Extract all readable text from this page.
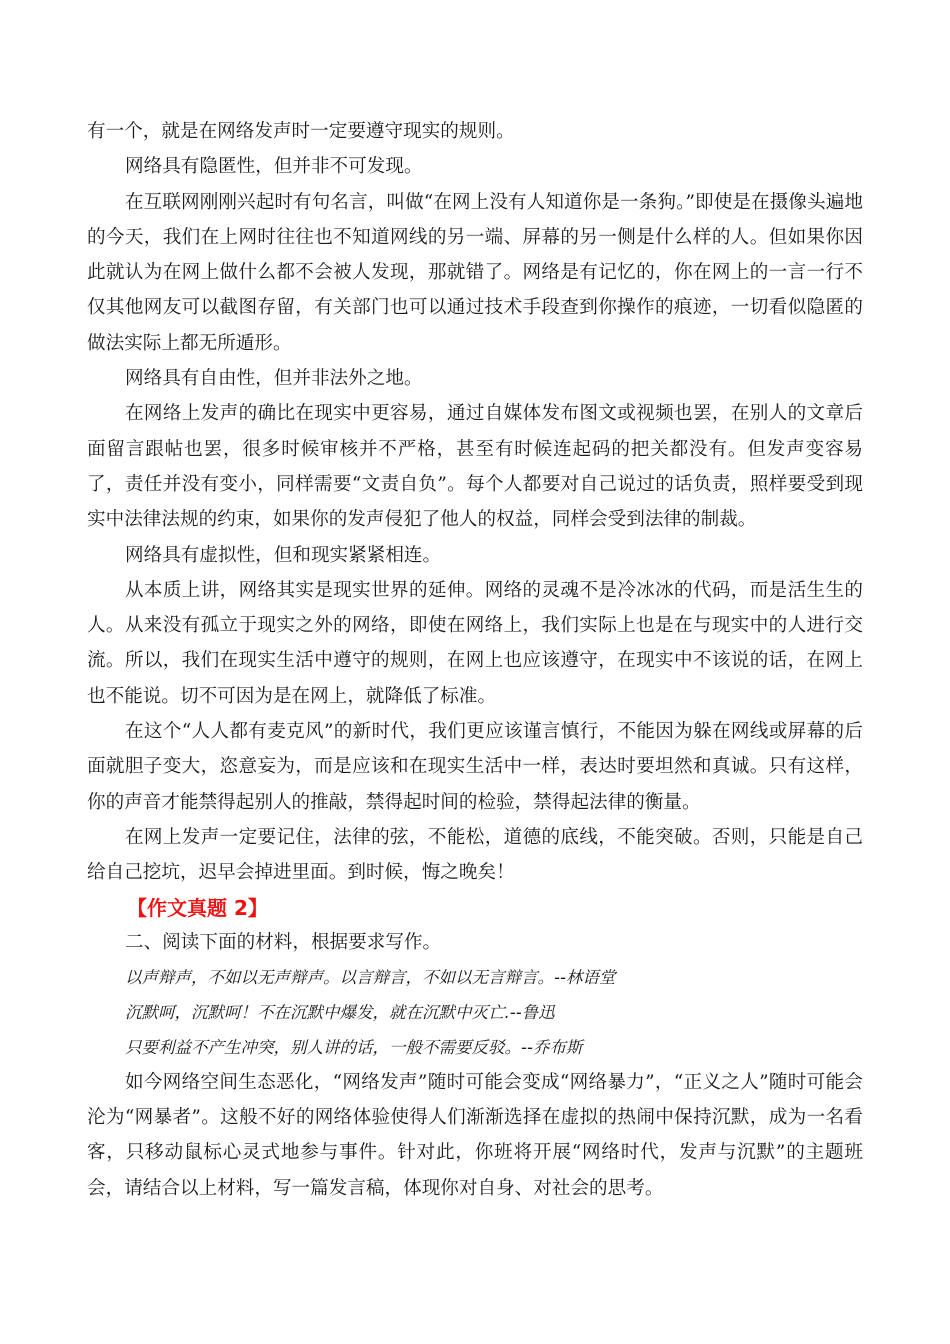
有一个，就是在网络发声时一定要遵守现实的规则。

网络具有隐匿性，但并非不可发现。

在互联网刚刚兴起时有句名言，叫做“在网上没有人知道你是一条狗。”即使是在摄像头遍地的今天，我们在上网时往往也不知道网线的另一端、屏幕的另一侧是什么样的人。但如果你因此就认为在网上做什么都不会被人发现，那就错了。网络是有记忆的，你在网上的一言一行不仅其他网友可以截图存留，有关部门也可以通过技术手段查到你操作的痕迹，一切看似隐匿的做法实际上都无所遁形。

网络具有自由性，但并非法外之地。

在网络上发声的确比在现实中更容易，通过自媒体发布图文或视频也罢，在别人的文章后面留言跟帖也罢，很多时候审核并不严格，甚至有时候连起码的把关都没有。但发声变容易了，责任并没有变小，同样需要“文责自负”。每个人都要对自己说过的话负责，照样要受到现实中法律法规的约束，如果你的发声侵犯了他人的权益，同样会受到法律的制裁。

网络具有虚拟性，但和现实紧紧相连。

从本质上讲，网络其实是现实世界的延伸。网络的灵魂不是冷冰冰的代码，而是活生生的人。从来没有孤立于现实之外的网络，即使在网络上，我们实际上也是在与现实中的人进行交流。所以，我们在现实生活中遵守的规则，在网上也应该遵守，在现实中不该说的话，在网上也不能说。切不可因为是在网上，就降低了标准。

在这个“人人都有麦克风”的新时代，我们更应该谨言慎行，不能因为躲在网线或屏幕的后面就胆子变大，恣意妄为，而是应该和在现实生活中一样，表达时要坦然和真诚。只有这样，你的声音才能禁得起别人的推敲，禁得起时间的检验，禁得起法律的衡量。

在网上发声一定要记住，法律的弦，不能松，道德的底线，不能突破。否则，只能是自己给自己挖坑，迟早会掉进里面。到时候，悔之晚矣！

【作文真题 2】

二、阅读下面的材料，根据要求写作。

以声辩声，不如以无声辩声。以言辩言，不如以无言辩言。--林语堂

沉默呵，沉默呵！不在沉默中爆发，就在沉默中灭亡.--鲁迅

只要利益不产生冲突，别人讲的话，一般不需要反驳。--乔布斯

如今网络空间生态恶化，“网络发声”随时可能会变成“网络暴力”，“正义之人”随时可能会沦为“网暴者”。这般不好的网络体验使得人们渐渐选择在虚拟的热闹中保持沉默，成为一名看客，只移动鼠标心灵式地参与事件。针对此，你班将开展“网络时代，发声与沉默”的主题班会，请结合以上材料，写一篇发言稿，体现你对自身、对社会的思考。
